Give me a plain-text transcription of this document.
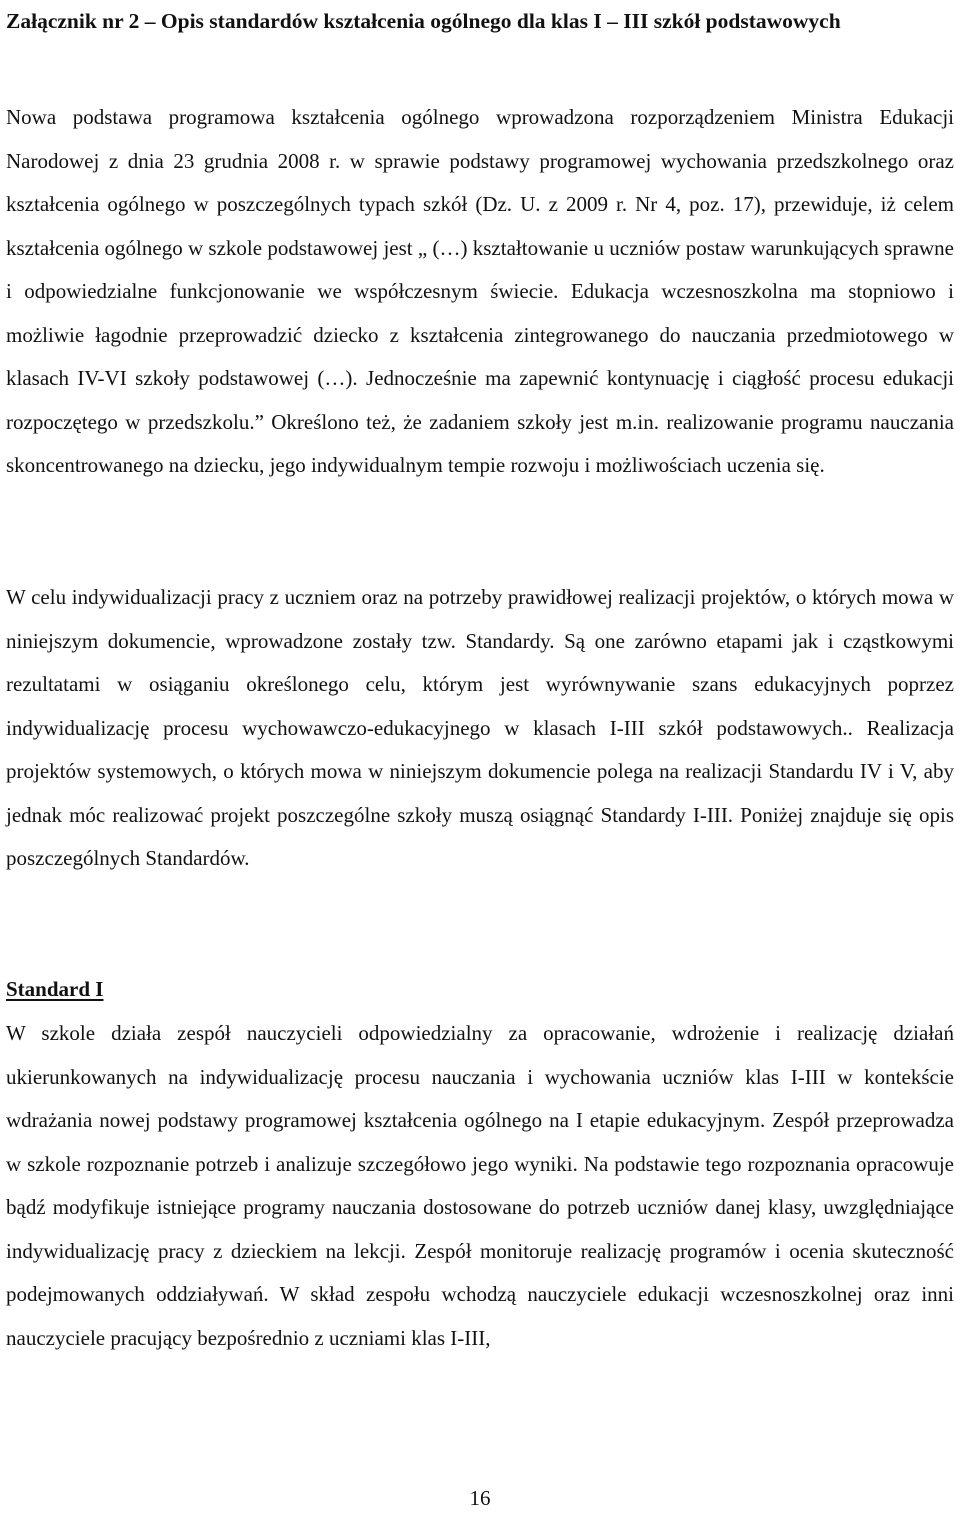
Załącznik nr 2 – Opis standardów kształcenia ogólnego dla klas I – III szkół podstawowych

Nowa podstawa programowa kształcenia ogólnego wprowadzona rozporządzeniem Ministra Edukacji Narodowej z dnia 23 grudnia 2008 r. w sprawie podstawy programowej wychowania przedszkolnego oraz kształcenia ogólnego w poszczególnych typach szkół (Dz. U. z 2009 r. Nr 4, poz. 17), przewiduje, iż celem kształcenia ogólnego w szkole podstawowej jest „ (…) kształtowanie u uczniów postaw warunkujących sprawne i odpowiedzialne funkcjonowanie we współczesnym świecie. Edukacja wczesnoszkolna ma stopniowo i możliwie łagodnie przeprowadzić dziecko z kształcenia zintegrowanego do nauczania przedmiotowego w klasach IV-VI szkoły podstawowej (…). Jednocześnie ma zapewnić kontynuację i ciągłość procesu edukacji rozpoczętego w przedszkolu.” Określono też, że zadaniem szkoły jest m.in. realizowanie programu nauczania skoncentrowanego na dziecku, jego indywidualnym tempie rozwoju i możliwościach uczenia się.

W celu indywidualizacji pracy z uczniem oraz na potrzeby prawidłowej realizacji projektów, o których mowa w niniejszym dokumencie, wprowadzone zostały tzw. Standardy. Są one zarówno etapami jak i cząstkowymi rezultatami w osiąganiu określonego celu, którym jest wyrównywanie szans edukacyjnych poprzez indywidualizację procesu wychowawczo-edukacyjnego w klasach I-III szkół podstawowych.. Realizacja projektów systemowych, o których mowa w niniejszym dokumencie polega na realizacji Standardu IV i V, aby jednak móc realizować projekt poszczególne szkoły muszą osiągnąć Standardy I-III. Poniżej znajduje się opis poszczególnych Standardów.

Standard I

W szkole działa zespół nauczycieli odpowiedzialny za opracowanie, wdrożenie i realizację działań ukierunkowanych na indywidualizację procesu nauczania i wychowania uczniów klas I-III w kontekście wdrażania nowej podstawy programowej kształcenia ogólnego na I etapie edukacyjnym. Zespół przeprowadza w szkole rozpoznanie potrzeb i analizuje szczegółowo jego wyniki. Na podstawie tego rozpoznania opracowuje bądź modyfikuje istniejące programy nauczania dostosowane do potrzeb uczniów danej klasy, uwzględniające indywidualizację pracy z dzieckiem na lekcji. Zespół monitoruje realizację programów i ocenia skuteczność podejmowanych oddziaływań. W skład zespołu wchodzą nauczyciele edukacji wczesnoszkolnej oraz inni nauczyciele pracujący bezpośrednio z uczniami klas I-III,

16
